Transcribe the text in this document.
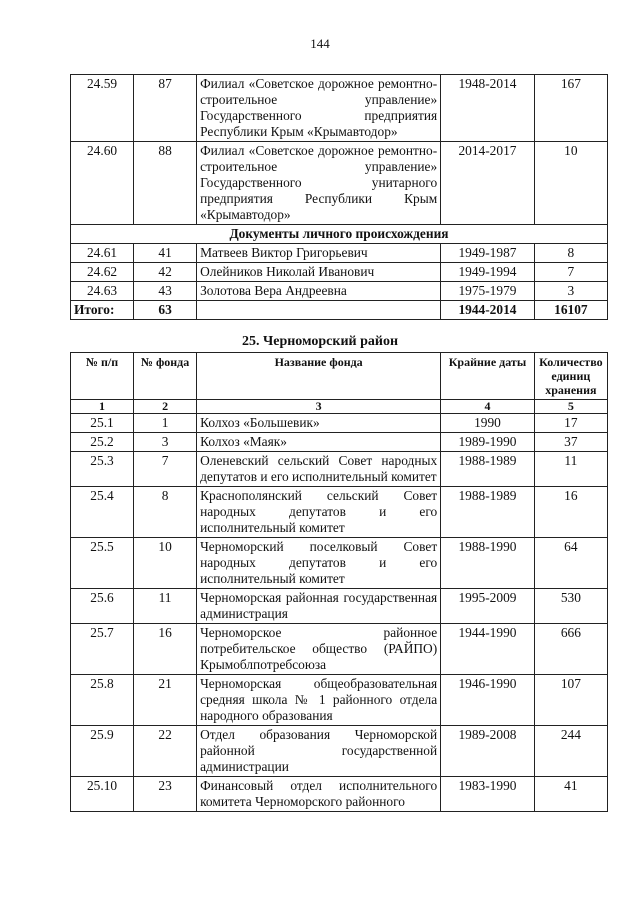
144
24.59	87	Филиал «Советское дорожное ремонтно-строительное управление» Государственного предприятия Республики Крым «Крымавтодор»	1948-2014	167
24.60	88	Филиал «Советское дорожное ремонтно-строительное управление» Государственного унитарного предприятия Республики Крым «Крымавтодор»	2014-2017	10
Документы личного происхождения				
24.61	41	Матвеев Виктор Григорьевич	1949-1987	8
24.62	42	Олейников Николай Иванович	1949-1994	7
24.63	43	Золотова Вера Андреевна	1975-1979	3
Итого:	63		1944-2014	16107
25. Черноморский район
№ п/п	№ фонда	Название фонда	Крайние даты	Количество единиц хранения
1	2	3	4	5
25.1	1	Колхоз «Большевик»	1990	17
25.2	3	Колхоз «Маяк»	1989-1990	37
25.3	7	Оленевский сельский Совет народных депутатов и его исполнительный комитет	1988-1989	11
25.4	8	Краснополянский сельский Совет народных депутатов и его исполнительный комитет	1988-1989	16
25.5	10	Черноморский поселковый Совет народных депутатов и его исполнительный комитет	1988-1990	64
25.6	11	Черноморская районная государственная администрация	1995-2009	530
25.7	16	Черноморское районное потребительское общество (РАЙПО) Крымоблпотребсоюза	1944-1990	666
25.8	21	Черноморская общеобразовательная средняя школа № 1 районного отдела народного образования	1946-1990	107
25.9	22	Отдел образования Черноморской районной государственной администрации	1989-2008	244
25.10	23	Финансовый отдел исполнительного комитета Черноморского районного	1983-1990	41
